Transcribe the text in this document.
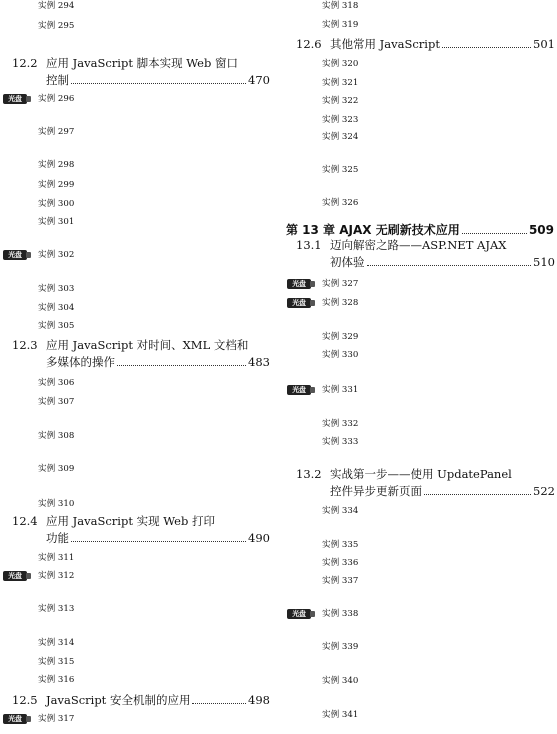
实例 294
实例 295
12.2 应用 JavaScript 脚本实现 Web 窗口
控制	470
光盘	实例 296
实例 297
实例 298
实例 299
实例 300
实例 301
光盘	实例 302
实例 303
实例 304
实例 305
12.3 应用 JavaScript 对时间、XML 文档和
多媒体的操作	483
实例 306
实例 307
实例 308
实例 309
实例 310
12.4 应用 JavaScript 实现 Web 打印
功能	490
实例 311
光盘	实例 312
实例 313
实例 314
实例 315
实例 316
12.5 JavaScript 安全机制的应用	498
光盘	实例 317
实例 318
实例 319
12.6 其他常用 JavaScript	501
实例 320
实例 321
实例 322
实例 323
实例 324
实例 325
实例 326
第 13 章 AJAX 无刷新技术应用	509
13.1 迈向解密之路——ASP.NET AJAX
初体验	510
光盘	实例 327
光盘	实例 328
实例 329
实例 330
光盘	实例 331
实例 332
实例 333
13.2 实战第一步——使用 UpdatePanel
控件异步更新页面	522
实例 334
实例 335
实例 336
实例 337
光盘	实例 338
实例 339
实例 340
实例 341
